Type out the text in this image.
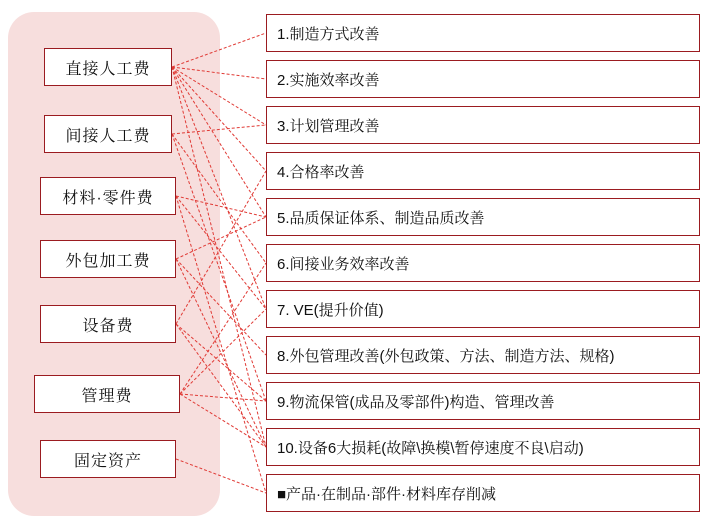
直接人工费
间接人工费
材料·零件费
外包加工费
设备费
管理费
固定资产
1.制造方式改善
2.实施效率改善
3.计划管理改善
4.合格率改善
5.品质保证体系、制造品质改善
6.间接业务效率改善
7. VE(提升价值)
8.外包管理改善(外包政策、方法、制造方法、规格)
9.物流保管(成品及零部件)构造、管理改善
10.设备6大损耗(故障\换模\暂停速度不良\启动)
■产品·在制品·部件·材料库存削减
